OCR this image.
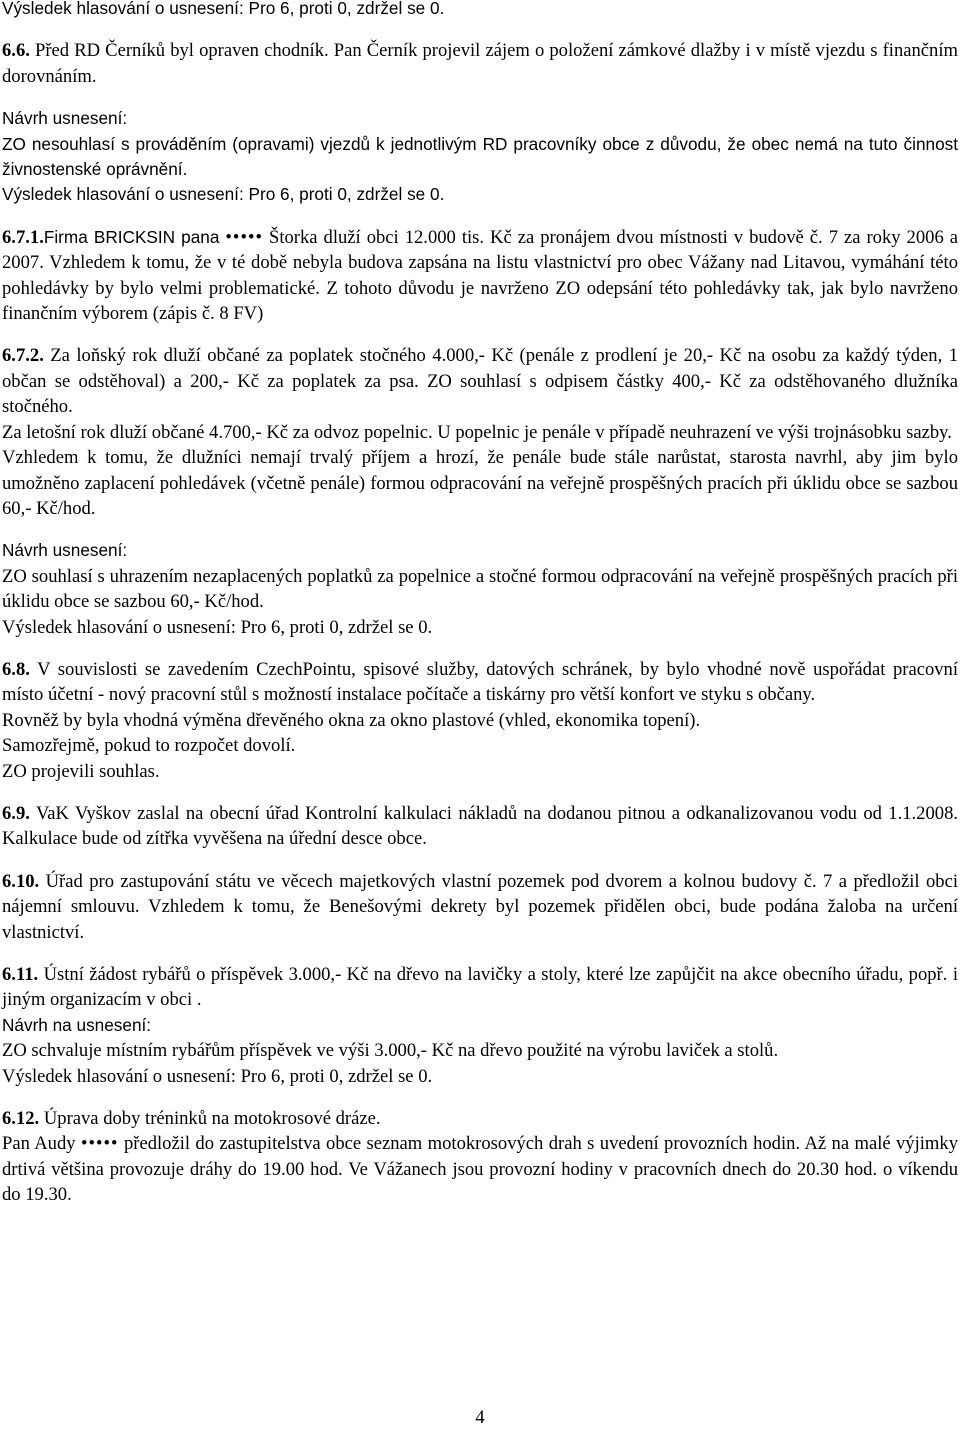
Výsledek hlasování o usnesení: Pro 6, proti 0, zdržel se 0.

6.6. Před RD Černíků byl opraven chodník. Pan Černík projevil zájem o položení zámkové dlažby i v místě vjezdu s finančním dorovnáním.

Návrh usnesení:

ZO nesouhlasí s prováděním (opravami) vjezdů k jednotlivým RD pracovníky obce z důvodu, že obec nemá na tuto činnost živnostenské oprávnění.

Výsledek hlasování o usnesení: Pro 6, proti 0, zdržel se 0.

6.7.1.Firma BRICKSIN pana ••••• Štorka dluží obci 12.000 tis. Kč za pronájem dvou místnosti v budově č. 7 za roky 2006 a 2007. Vzhledem k tomu, že v té době nebyla budova zapsána na listu vlastnictví pro obec Vážany nad Litavou, vymáhání této pohledávky by bylo velmi problematické. Z tohoto důvodu je navrženo ZO odepsání této pohledávky tak, jak bylo navrženo finančním výborem (zápis č. 8 FV)

6.7.2. Za loňský rok dluží občané za poplatek stočného 4.000,- Kč (penále z prodlení je 20,- Kč na osobu za každý týden, 1 občan se odstěhoval) a 200,- Kč za poplatek za psa. ZO souhlasí s odpisem částky 400,- Kč za odstěhovaného dlužníka stočného.

Za letošní rok dluží občané 4.700,- Kč za odvoz popelnic. U popelnic je penále v případě neuhrazení ve výši trojnásobku sazby.

Vzhledem k tomu, že dlužníci nemají trvalý příjem a hrozí, že penále bude stále narůstat, starosta navrhl, aby jim bylo umožněno zaplacení pohledávek (včetně penále) formou odpracování na veřejně prospěšných pracích při úklidu obce se sazbou 60,- Kč/hod.

Návrh usnesení:

ZO souhlasí s uhrazením nezaplacených poplatků za popelnice a stočné formou odpracování na veřejně prospěšných pracích při úklidu obce se sazbou 60,- Kč/hod.

Výsledek hlasování o usnesení: Pro 6, proti 0, zdržel se 0.

6.8. V souvislosti se zavedením CzechPointu, spisové služby, datových schránek, by bylo vhodné nově uspořádat pracovní místo účetní - nový pracovní stůl s možností instalace počítače a tiskárny pro větší konfort ve styku s občany.

Rovněž by byla vhodná výměna dřevěného okna za okno plastové (vhled, ekonomika topení).

Samozřejmě, pokud to rozpočet dovolí.

ZO projevili souhlas.

6.9. VaK Vyškov zaslal na obecní úřad Kontrolní kalkulaci nákladů na dodanou pitnou a odkanalizovanou vodu od 1.1.2008. Kalkulace bude od zítřka vyvěšena na úřední desce obce.

6.10. Úřad pro zastupování státu ve věcech majetkových vlastní pozemek pod dvorem a kolnou budovy č. 7 a předložil obci nájemní smlouvu. Vzhledem k tomu, že Benešovými dekrety byl pozemek přidělen obci, bude podána žaloba na určení vlastnictví.

6.11. Ústní žádost rybářů o příspěvek 3.000,- Kč na dřevo na lavičky a stoly, které lze zapůjčit na akce obecního úřadu, popř. i jiným organizacím v obci .

Návrh na usnesení:

ZO schvaluje místním rybářům příspěvek ve výši 3.000,- Kč na dřevo použité na výrobu laviček a stolů.

Výsledek hlasování o usnesení: Pro 6, proti 0, zdržel se 0.

6.12. Úprava doby tréninků na motokrosové dráze.

Pan Audy ••••• předložil do zastupitelstva obce seznam motokrosových drah s uvedení provozních hodin. Až na malé výjimky drtivá většina provozuje dráhy do 19.00 hod. Ve Vážanech jsou provozní hodiny v pracovních dnech do 20.30 hod. o víkendu do 19.30.

4
